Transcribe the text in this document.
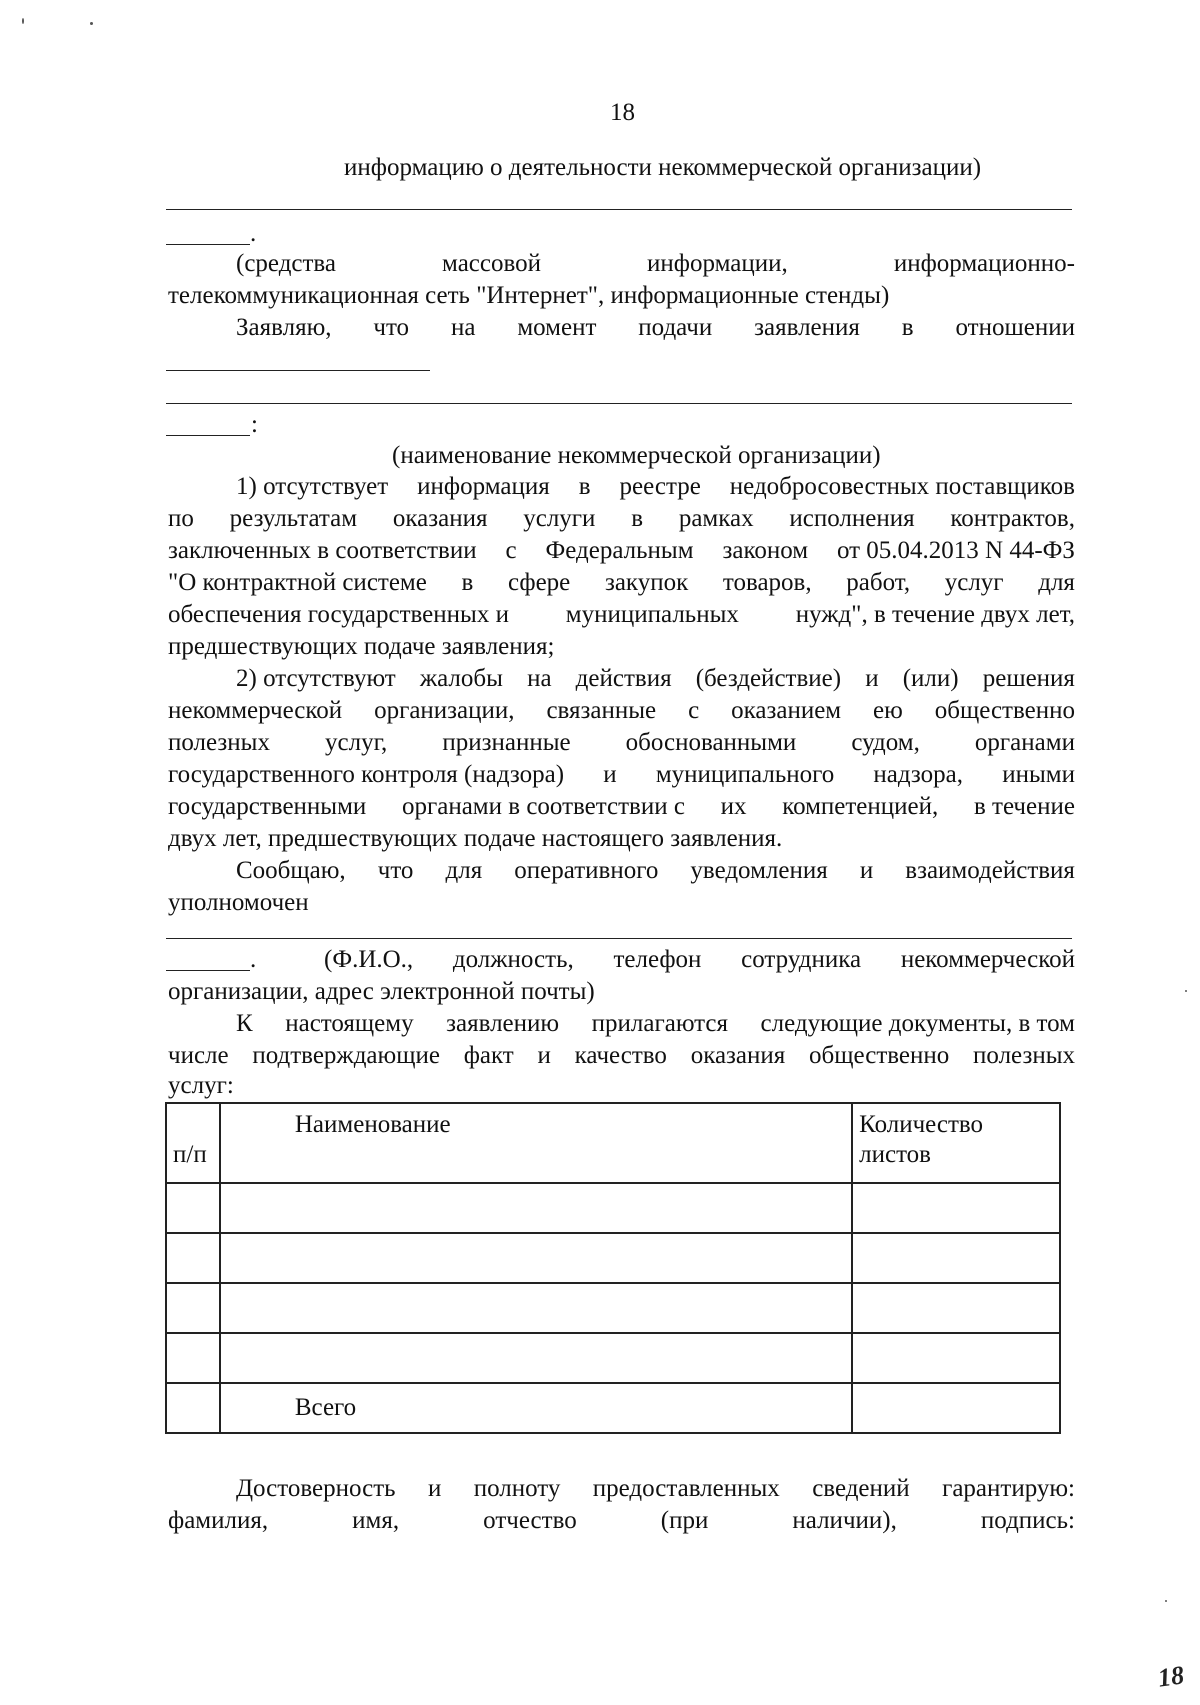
18
информацию о деятельности некоммерческой организации)
.
(средства	массовой	информации,	информационно-
телекоммуникационная сеть "Интернет", информационные стенды)
Заявляю, что на момент подачи заявления в отношении
:
(наименование некоммерческой организации)
1) отсутствует информация в реестре недобросовестных поставщиков
по результатам оказания услуги в рамках исполнения контрактов,
заключенных в соответствии с Федеральным законом от 05.04.2013 N 44-ФЗ
"О контрактной системе в сфере закупок товаров, работ, услуг для
обеспечения государственных и муниципальных нужд", в течение двух лет,
предшествующих подаче заявления;
2) отсутствуют жалобы на действия (бездействие) и (или) решения
некоммерческой организации, связанные с оказанием ею общественно
полезных услуг, признанные обоснованными судом, органами
государственного контроля (надзора) и муниципального надзора, иными
государственными органами в соответствии с их компетенцией, в течение
двух лет, предшествующих подаче настоящего заявления.
Сообщаю, что для оперативного уведомления и взаимодействия
уполномочен
.	(Ф.И.О., должность, телефон сотрудника некоммерческой
организации, адрес электронной почты)
К настоящему заявлению прилагаются следующие документы, в том
числе подтверждающие факт и качество оказания общественно полезных
услуг:
п/п	Наименование	Количество листов

	Всего	

Достоверность и полноту предоставленных сведений гарантирую:
фамилия,	имя,	отчество	(при	наличии),	подпись:
18
